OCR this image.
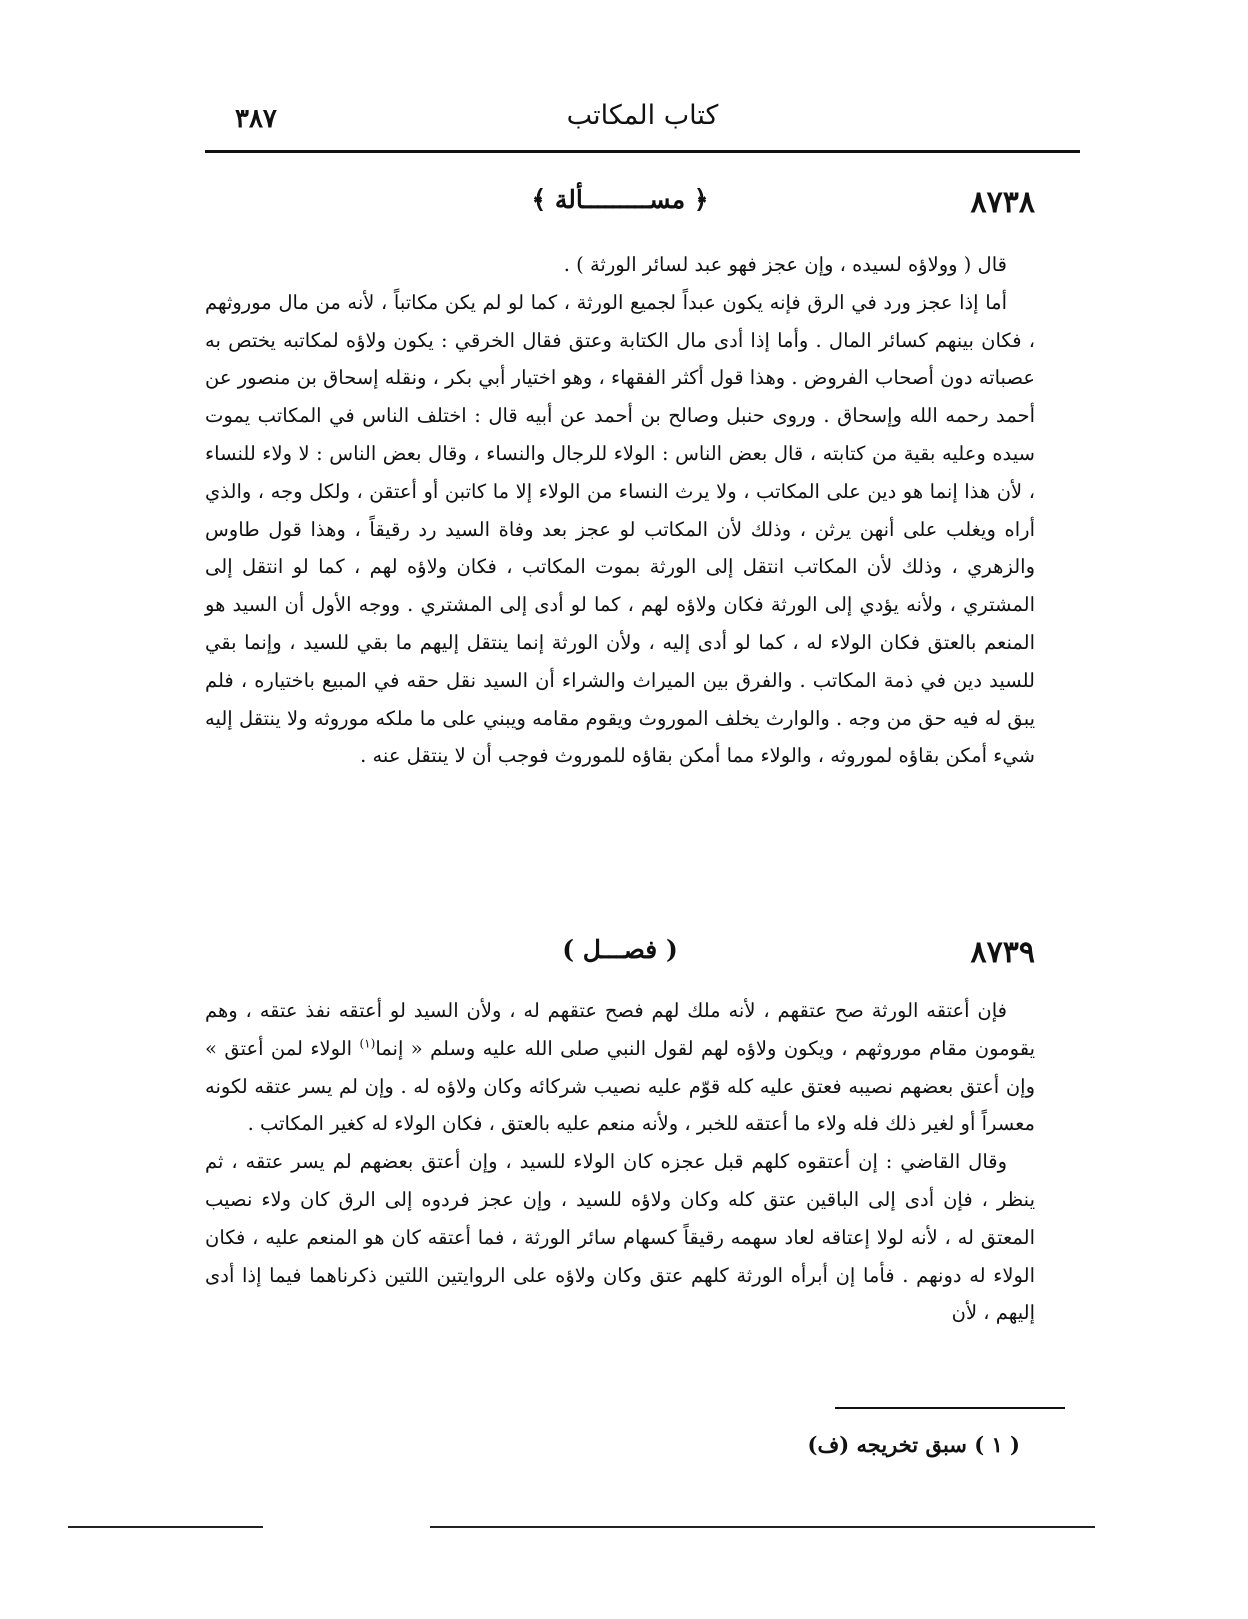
٣٨٧	كتاب المكاتب
٨٧٣٨
﴿ مســـــــــألة ﴾

قال ( وولاؤه لسيده ، وإن عجز فهو عبد لسائر الورثة ) .

أما إذا عجز ورد في الرق فإنه يكون عبداً لجميع الورثة ، كما لو لم يكن مكاتباً ، لأنه من مال موروثهم ، فكان بينهم كسائر المال . وأما إذا أدى مال الكتابة وعتق فقال الخرقي : يكون ولاؤه لمكاتبه يختص به عصباته دون أصحاب الفروض . وهذا قول أكثر الفقهاء ، وهو اختيار أبي بكر ، ونقله إسحاق بن منصور عن أحمد رحمه الله وإسحاق . وروى حنبل وصالح بن أحمد عن أبيه قال : اختلف الناس في المكاتب يموت سيده وعليه بقية من كتابته ، قال بعض الناس : الولاء للرجال والنساء ، وقال بعض الناس : لا ولاء للنساء ، لأن هذا إنما هو دين على المكاتب ، ولا يرث النساء من الولاء إلا ما كاتبن أو أعتقن ، ولكل وجه ، والذي أراه ويغلب على أنهن يرثن ، وذلك لأن المكاتب لو عجز بعد وفاة السيد رد رقيقاً ، وهذا قول طاوس والزهري ، وذلك لأن المكاتب انتقل إلى الورثة بموت المكاتب ، فكان ولاؤه لهم ، كما لو انتقل إلى المشتري ، ولأنه يؤدي إلى الورثة فكان ولاؤه لهم ، كما لو أدى إلى المشتري . ووجه الأول أن السيد هو المنعم بالعتق فكان الولاء له ، كما لو أدى إليه ، ولأن الورثة إنما ينتقل إليهم ما بقي للسيد ، وإنما بقي للسيد دين في ذمة المكاتب . والفرق بين الميراث والشراء أن السيد نقل حقه في المبيع باختياره ، فلم يبق له فيه حق من وجه . والوارث يخلف الموروث ويقوم مقامه ويبني على ما ملكه موروثه ولا ينتقل إليه شيء أمكن بقاؤه لموروثه ، والولاء مما أمكن بقاؤه للموروث فوجب أن لا ينتقل عنه .

٨٧٣٩
( فصـــل )

فإن أعتقه الورثة صح عتقهم ، لأنه ملك لهم فصح عتقهم له ، ولأن السيد لو أعتقه نفذ عتقه ، وهم يقومون مقام موروثهم ، ويكون ولاؤه لهم لقول النبي صلى الله عليه وسلم « إنما$^{(١)}$ الولاء لمن أعتق » وإن أعتق بعضهم نصيبه فعتق عليه كله قوّم عليه نصيب شركائه وكان ولاؤه له . وإن لم يسر عتقه لكونه معسراً أو لغير ذلك فله ولاء ما أعتقه للخبر ، ولأنه منعم عليه بالعتق ، فكان الولاء له كغير المكاتب .

وقال القاضي : إن أعتقوه كلهم قبل عجزه كان الولاء للسيد ، وإن أعتق بعضهم لم يسر عتقه ، ثم ينظر ، فإن أدى إلى الباقين عتق كله وكان ولاؤه للسيد ، وإن عجز فردوه إلى الرق كان ولاء نصيب المعتق له ، لأنه لولا إعتاقه لعاد سهمه رقيقاً كسهام سائر الورثة ، فما أعتقه كان هو المنعم عليه ، فكان الولاء له دونهم . فأما إن أبرأه الورثة كلهم عتق وكان ولاؤه على الروايتين اللتين ذكرناهما فيما إذا أدى إليهم ، لأن

( ١ ) سبق تخريجه (ف)
